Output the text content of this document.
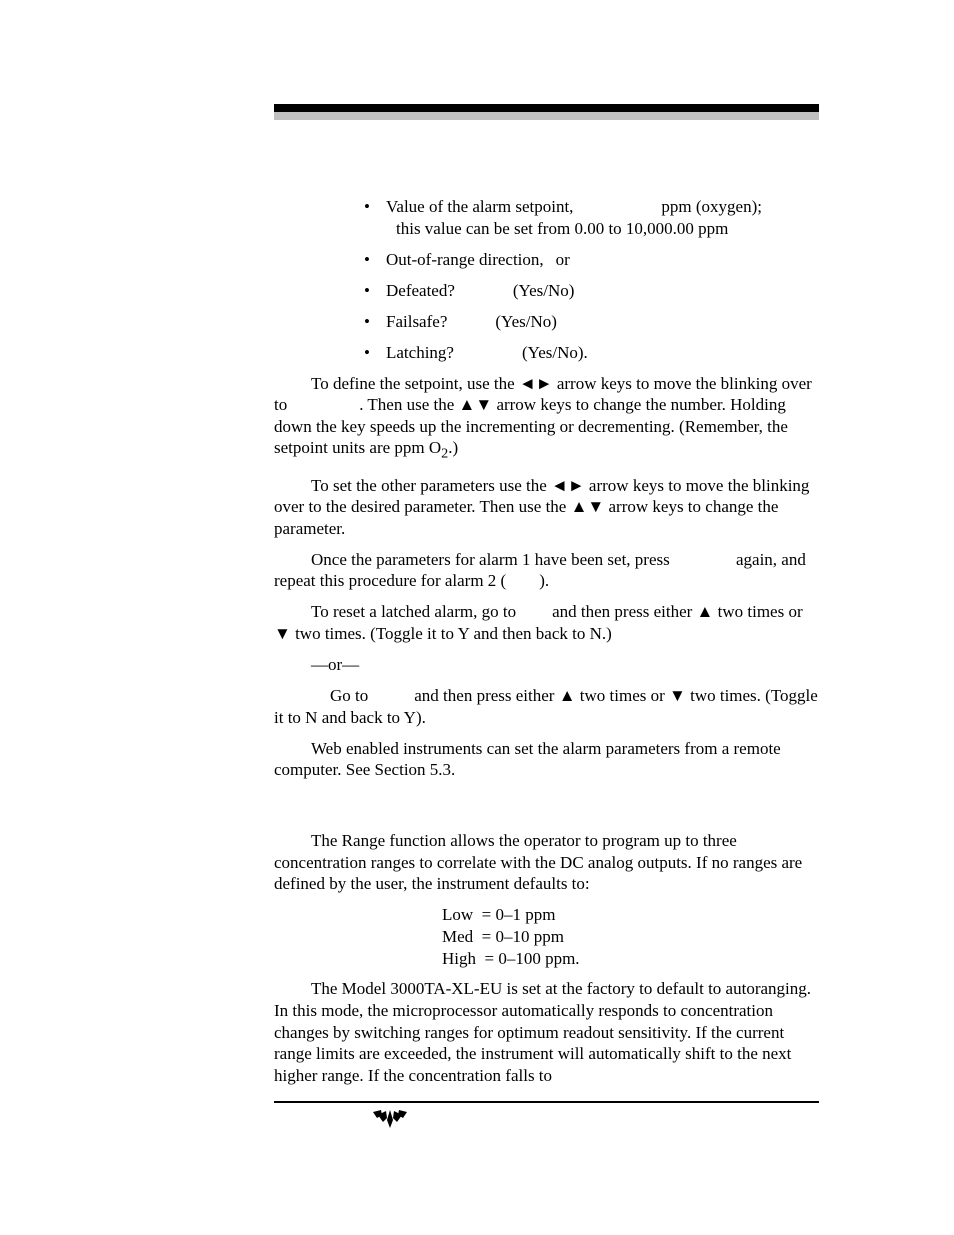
• Value of the alarm setpoint,	ppm (oxygen);
this value can be set from 0.00 to 10,000.00 ppm
• Out-of-range direction, or
• Defeated?	(Yes/No)
• Failsafe?	(Yes/No)
• Latching?	(Yes/No).

To define the setpoint, use the ◄► arrow keys to move the blinking over to	. Then use the ▲▼ arrow keys to change the number. Holding down the key speeds up the incrementing or decrementing. (Remember, the setpoint units are ppm $O_2$.)

To set the other parameters use the ◄► arrow keys to move the blinking over to the desired parameter. Then use the ▲▼ arrow keys to change the parameter.

Once the parameters for alarm 1 have been set, press	again, and repeat this procedure for alarm 2 ( ).

To reset a latched alarm, go to and then press either ▲ two times or ▼ two times. (Toggle it to Y and then back to N.)

—or—

Go to	and then press either ▲ two times or ▼ two times. (Toggle it to N and back to Y).

Web enabled instruments can set the alarm parameters from a remote computer. See Section 5.3.

The Range function allows the operator to program up to three concentration ranges to correlate with the DC analog outputs. If no ranges are defined by the user, the instrument defaults to:

Low  = 0–1 ppm
Med  = 0–10 ppm
High  = 0–100 ppm.

The Model 3000TA-XL-EU is set at the factory to default to autoranging. In this mode, the microprocessor automatically responds to concentration changes by switching ranges for optimum readout sensitivity. If the current range limits are exceeded, the instrument will automatically shift to the next higher range. If the concentration falls to
